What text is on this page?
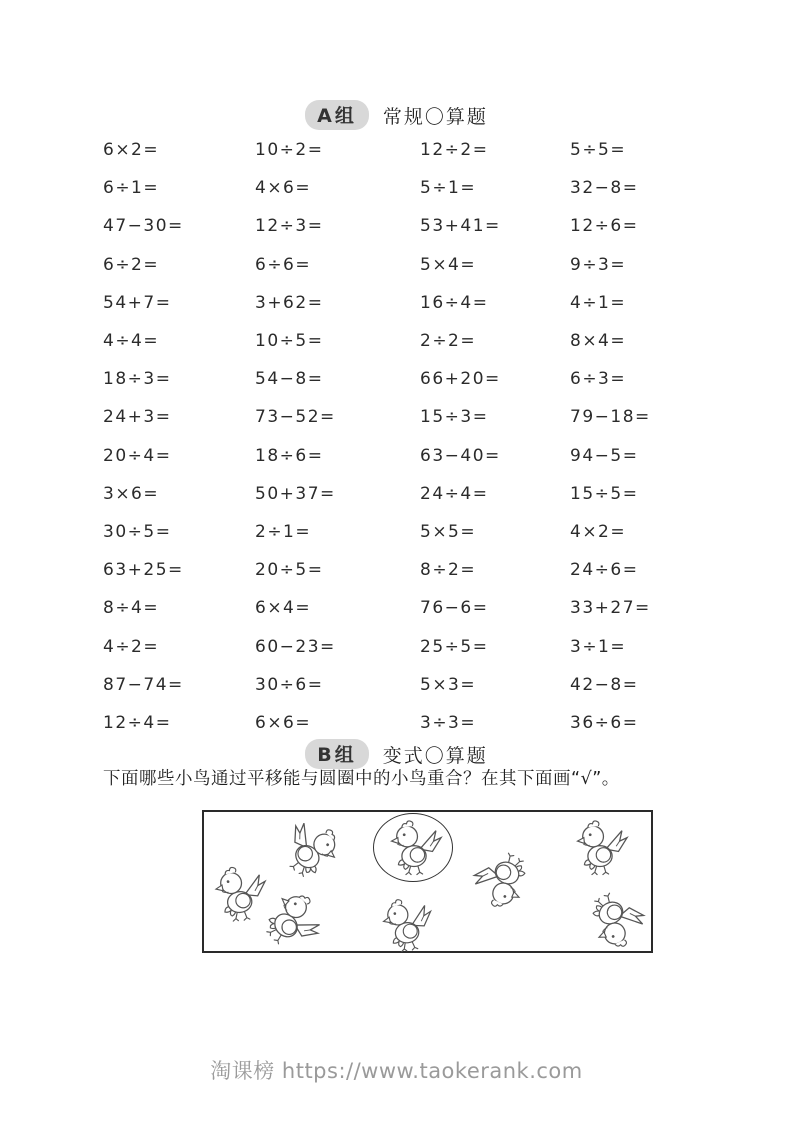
A组	常规〇算题
6×2=	10÷2=	12÷2=	5÷5=
6÷1=	4×6=	5÷1=	32−8=
47−30=	12÷3=	53+41=	12÷6=
6÷2=	6÷6=	5×4=	9÷3=
54+7=	3+62=	16÷4=	4÷1=
4÷4=	10÷5=	2÷2=	8×4=
18÷3=	54−8=	66+20=	6÷3=
24+3=	73−52=	15÷3=	79−18=
20÷4=	18÷6=	63−40=	94−5=
3×6=	50+37=	24÷4=	15÷5=
30÷5=	2÷1=	5×5=	4×2=
63+25=	20÷5=	8÷2=	24÷6=
8÷4=	6×4=	76−6=	33+27=
4÷2=	60−23=	25÷5=	3÷1=
87−74=	30÷6=	5×3=	42−8=
12÷4=	6×6=	3÷3=	36÷6=
B组	变式〇算题
下面哪些小鸟通过平移能与圆圈中的小鸟重合？在其下面画“√”。
淘课榜 https://www.taokerank.com
